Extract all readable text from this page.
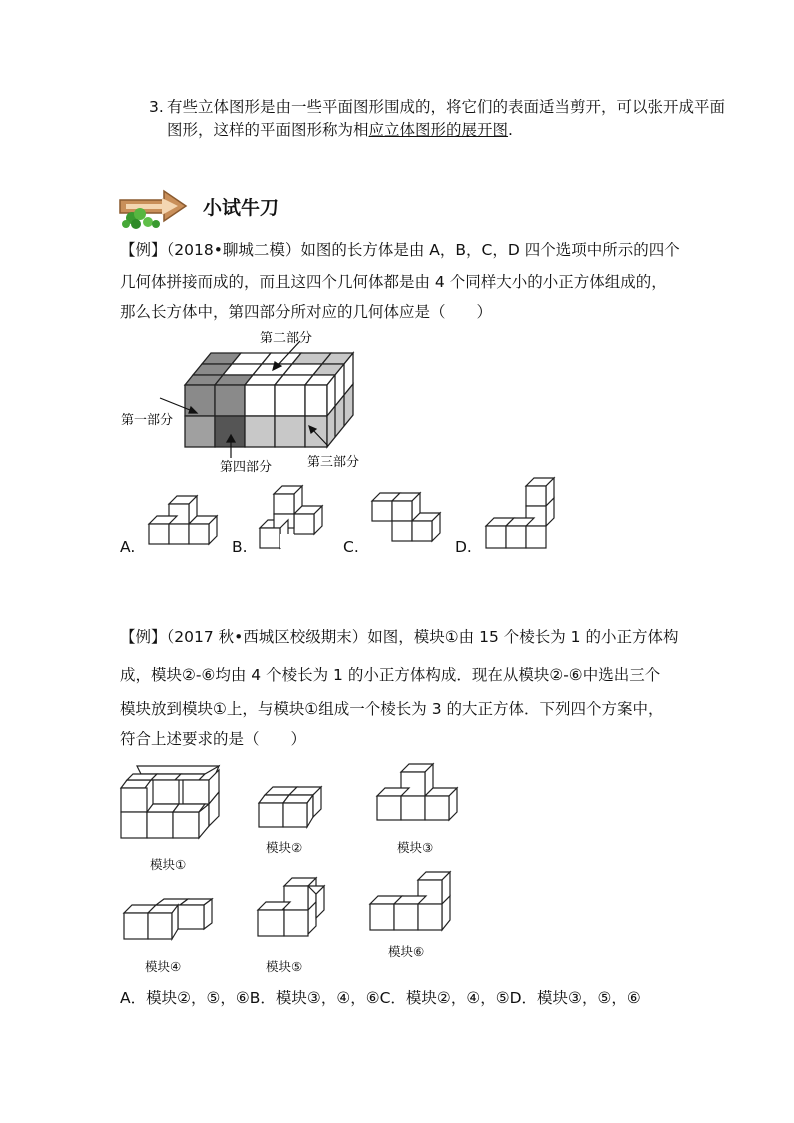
3. 有些立体图形是由一些平面图形围成的，将它们的表面适当剪开，可以张开成平面
图形，这样的平面图形称为相应立体图形的展开图.
小试牛刀
【例】（2018•聊城二模）如图的长方体是由 A，B，C，D 四个选项中所示的四个
几何体拼接而成的，而且这四个几何体都是由 4 个同样大小的小正方体组成的，
那么长方体中，第四部分所对应的几何体应是（　　）
第二部分
第一部分
第四部分	第三部分
A.	B.	C.	D.
【例】（2017 秋•西城区校级期末）如图，模块①由 15 个棱长为 1 的小正方体构
成，模块②-⑥均由 4 个棱长为 1 的小正方体构成．现在从模块②-⑥中选出三个
模块放到模块①上，与模块①组成一个棱长为 3 的大正方体．下列四个方案中，
符合上述要求的是（　　）
模块①
模块②	模块③
模块④	模块⑤
模块⑥
A．模块②，⑤，⑥B．模块③，④，⑥C．模块②，④，⑤D．模块③，⑤，⑥
